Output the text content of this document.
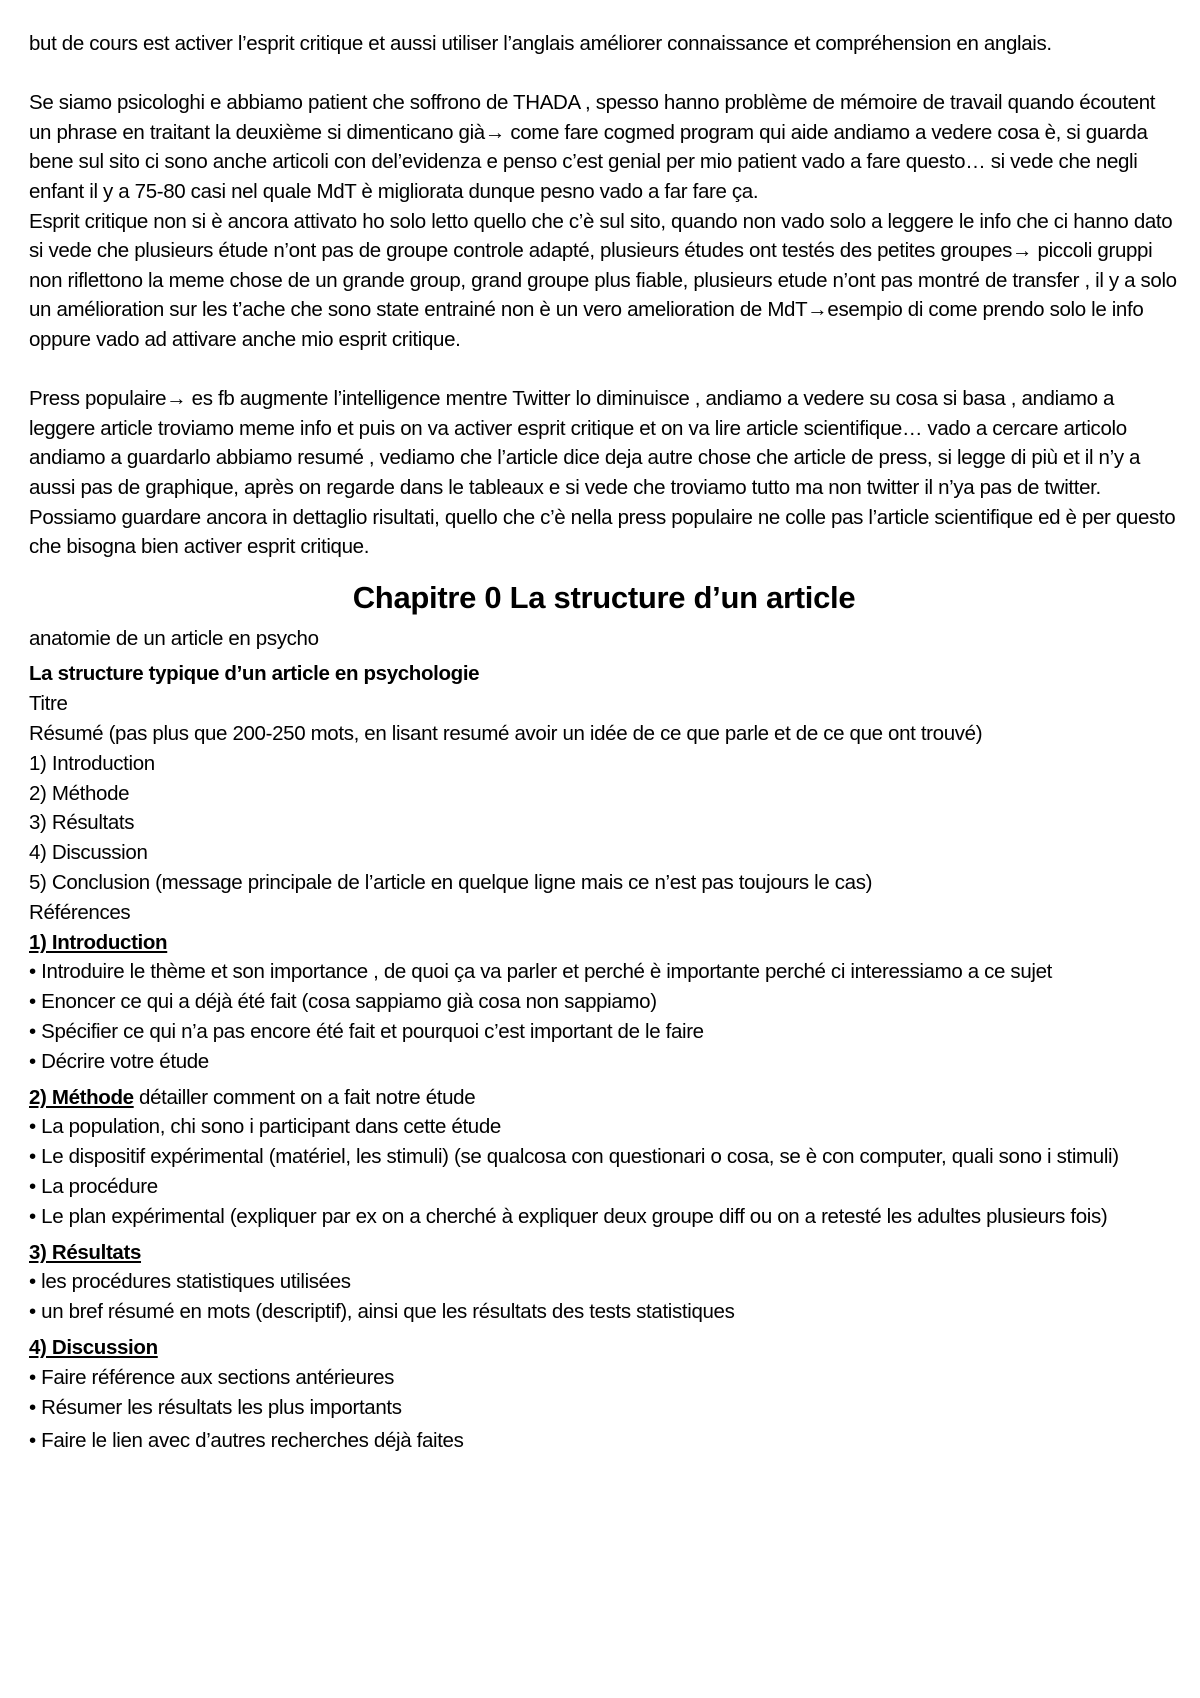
but de cours est activer l’esprit critique et aussi utiliser l’anglais améliorer connaissance et compréhension en anglais.

Se siamo psicologhi e abbiamo patient che soffrono de THADA , spesso hanno problème de mémoire de travail quando écoutent un phrase en traitant la deuxième si dimenticano già→ come fare cogmed program qui aide andiamo a vedere cosa è, si guarda bene sul sito ci sono anche articoli con del’evidenza e penso c’est genial per mio patient vado a fare questo… si vede che negli enfant il y a 75-80 casi nel quale MdT è migliorata dunque pesno vado a far fare ça.

Esprit critique non si è ancora attivato ho solo letto quello che c’è sul sito, quando non vado solo a leggere le info che ci hanno dato si vede che plusieurs étude n’ont pas de groupe controle adapté, plusieurs études ont testés des petites groupes→ piccoli gruppi non riflettono la meme chose de un grande group, grand groupe plus fiable, plusieurs etude n’ont pas montré de transfer , il y a solo un amélioration sur les t’ache che sono state entrainé non è un vero amelioration de MdT→esempio di come prendo solo le info oppure vado ad attivare anche mio esprit critique.

Press populaire→ es fb augmente l’intelligence mentre Twitter lo diminuisce , andiamo a vedere su cosa si basa , andiamo a leggere article troviamo meme info et puis on va activer esprit critique et on va lire article scientifique… vado a cercare articolo andiamo a guardarlo abbiamo resumé , vediamo che l’article dice deja autre chose che article de press, si legge di più et il n’y a aussi pas de graphique, après on regarde dans le tableaux e si vede che troviamo tutto ma non twitter il n’ya pas de twitter. Possiamo guardare ancora in dettaglio risultati, quello che c’è nella press populaire ne colle pas l’article scientifique ed è per questo che bisogna bien activer esprit critique.

Chapitre 0 La structure d’un article

anatomie de un article en psycho

La structure typique d’un article en psychologie

Titre

Résumé (pas plus que 200-250 mots, en lisant resumé avoir un idée de ce que parle et de ce que ont trouvé)

1) Introduction

2) Méthode

3) Résultats

4) Discussion

5) Conclusion (message principale de l’article en quelque ligne mais ce n’est pas toujours le cas)

Références

1) Introduction

• Introduire le thème et son importance , de quoi ça va parler et perché è importante perché ci interessiamo a ce sujet

• Enoncer ce qui a déjà été fait (cosa sappiamo già cosa non sappiamo)

• Spécifier ce qui n’a pas encore été fait et pourquoi c’est important de le faire

• Décrire votre étude

2) Méthode détailler comment on a fait notre étude

• La population, chi sono i participant dans cette étude

• Le dispositif expérimental (matériel, les stimuli) (se qualcosa con questionari o cosa, se è con computer, quali sono i stimuli)

• La procédure

• Le plan expérimental (expliquer par ex on a cherché à expliquer deux groupe diff ou on a retesté les adultes plusieurs fois)

3) Résultats

• les procédures statistiques utilisées

• un bref résumé en mots (descriptif), ainsi que les résultats des tests statistiques

4) Discussion

• Faire référence aux sections antérieures

• Résumer les résultats les plus importants

• Faire le lien avec d’autres recherches déjà faites
